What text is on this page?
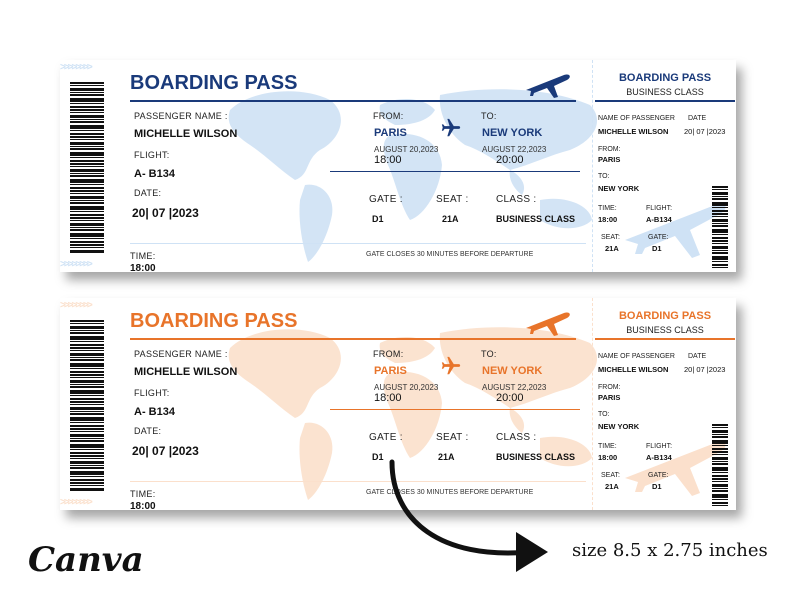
>>>>>>>>
>>>>>>>>
BOARDING PASS
PASSENGER NAME :
MICHELLE WILSON
FLIGHT:
A- B134
DATE:
20| 07 |2023
TIME:
18:00
FROM:
PARIS
AUGUST 20,2023
18:00
TO:
NEW YORK
AUGUST 22,2023
20:00
GATE :
D1
SEAT :
21A
CLASS :
BUSINESS CLASS
GATE CLOSES 30 MINUTES BEFORE DEPARTURE
BOARDING PASS
BUSINESS CLASS
NAME OF PASSENGER DATE
MICHELLE WILSON 20| 07 |2023
FROM:
PARIS
TO:
NEW YORK
TIME:	FLIGHT:
18:00	A-B134
SEAT:	GATE:
21A	D1
>>>>>>>>
>>>>>>>>
BOARDING PASS
PASSENGER NAME :
MICHELLE WILSON
FLIGHT:
A- B134
DATE:
20| 07 |2023
TIME:
18:00
FROM:
PARIS
AUGUST 20,2023
18:00
TO:
NEW YORK
AUGUST 22,2023
20:00
GATE :
D1
SEAT :
21A
CLASS :
BUSINESS CLASS
GATE CLOSES 30 MINUTES BEFORE DEPARTURE
BOARDING PASS
BUSINESS CLASS
NAME OF PASSENGER DATE
MICHELLE WILSON 20| 07 |2023
FROM:
PARIS
TO:
NEW YORK
TIME:	FLIGHT:
18:00	A-B134
SEAT:	GATE:
21A	D1
Canva	size 8.5 x 2.75 inches
